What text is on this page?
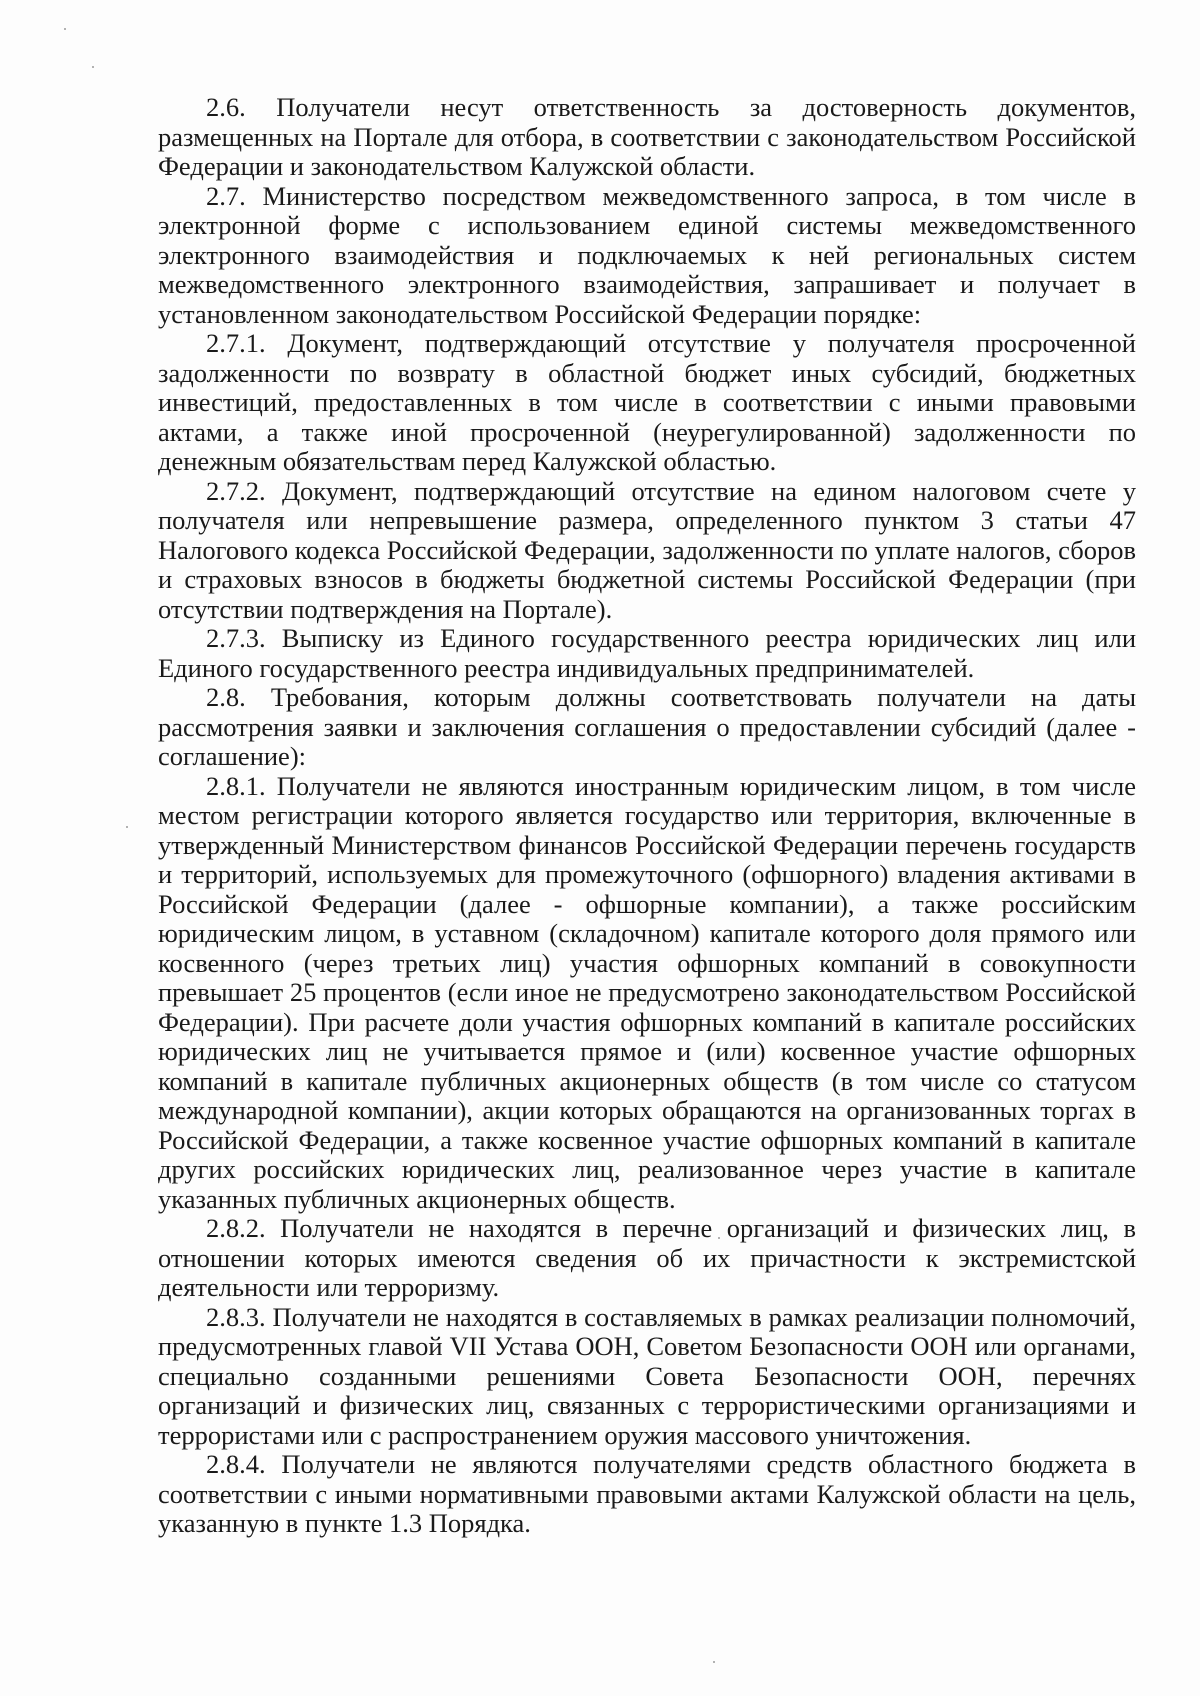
2.6. Получатели несут ответственность за достоверность документов, размещенных на Портале для отбора, в соответствии с законодательством Российской Федерации и законодательством Калужской области.

2.7. Министерство посредством межведомственного запроса, в том числе в электронной форме с использованием единой системы межведомственного электронного взаимодействия и подключаемых к ней региональных систем межведомственного электронного взаимодействия, запрашивает и получает в установленном законодательством Российской Федерации порядке:

2.7.1. Документ, подтверждающий отсутствие у получателя просроченной задолженности по возврату в областной бюджет иных субсидий, бюджетных инвестиций, предоставленных в том числе в соответствии с иными правовыми актами, а также иной просроченной (неурегулированной) задолженности по денежным обязательствам перед Калужской областью.

2.7.2. Документ, подтверждающий отсутствие на едином налоговом счете у получателя или непревышение размера, определенного пунктом 3 статьи 47 Налогового кодекса Российской Федерации, задолженности по уплате налогов, сборов и страховых взносов в бюджеты бюджетной системы Российской Федерации (при отсутствии подтверждения на Портале).

2.7.3. Выписку из Единого государственного реестра юридических лиц или Единого государственного реестра индивидуальных предпринимателей.

2.8. Требования, которым должны соответствовать получатели на даты рассмотрения заявки и заключения соглашения о предоставлении субсидий (далее - соглашение):

2.8.1. Получатели не являются иностранным юридическим лицом, в том числе местом регистрации которого является государство или территория, включенные в утвержденный Министерством финансов Российской Федерации перечень государств и территорий, используемых для промежуточного (офшорного) владения активами в Российской Федерации (далее - офшорные компании), а также российским юридическим лицом, в уставном (складочном) капитале которого доля прямого или косвенного (через третьих лиц) участия офшорных компаний в совокупности превышает 25 процентов (если иное не предусмотрено законодательством Российской Федерации). При расчете доли участия офшорных компаний в капитале российских юридических лиц не учитывается прямое и (или) косвенное участие офшорных компаний в капитале публичных акционерных обществ (в том числе со статусом международной компании), акции которых обращаются на организованных торгах в Российской Федерации, а также косвенное участие офшорных компаний в капитале других российских юридических лиц, реализованное через участие в капитале указанных публичных акционерных обществ.

2.8.2. Получатели не находятся в перечне организаций и физических лиц, в отношении которых имеются сведения об их причастности к экстремистской деятельности или терроризму.

2.8.3. Получатели не находятся в составляемых в рамках реализации полномочий, предусмотренных главой VII Устава ООН, Советом Безопасности ООН или органами, специально созданными решениями Совета Безопасности ООН, перечнях организаций и физических лиц, связанных с террористическими организациями и террористами или с распространением оружия массового уничтожения.

2.8.4. Получатели не являются получателями средств областного бюджета в соответствии с иными нормативными правовыми актами Калужской области на цель, указанную в пункте 1.3 Порядка.
